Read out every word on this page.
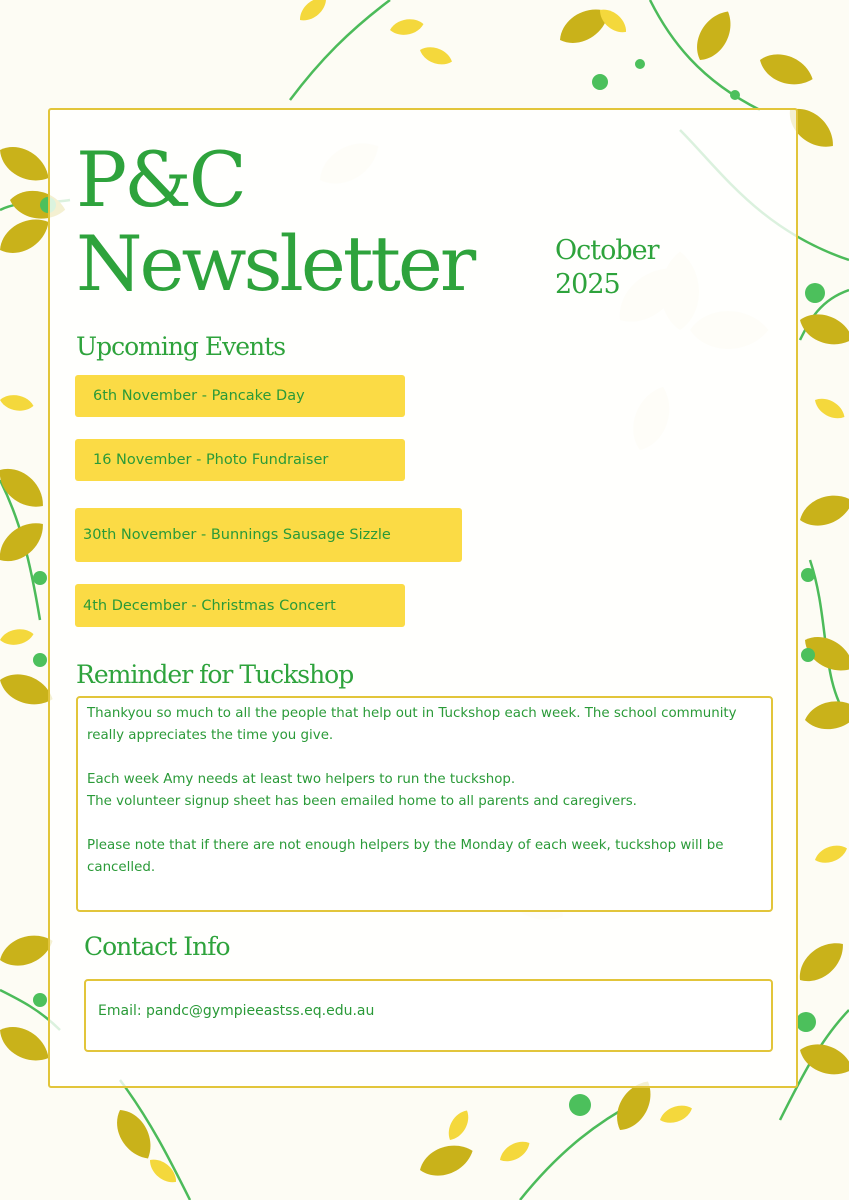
P&C
Newsletter	October
2025
Upcoming Events
6th November - Pancake Day
16 November - Photo Fundraiser
30th November - Bunnings Sausage Sizzle
4th December - Christmas Concert
Reminder for Tuckshop

Thankyou so much to all the people that help out in Tuckshop each week. The school community really appreciates the time you give.

Each week Amy needs at least two helpers to run the tuckshop.
The volunteer signup sheet has been emailed home to all parents and caregivers.

Please note that if there are not enough helpers by the Monday of each week, tuckshop will be cancelled.

Contact Info
Email: pandc@gympieeastss.eq.edu.au
